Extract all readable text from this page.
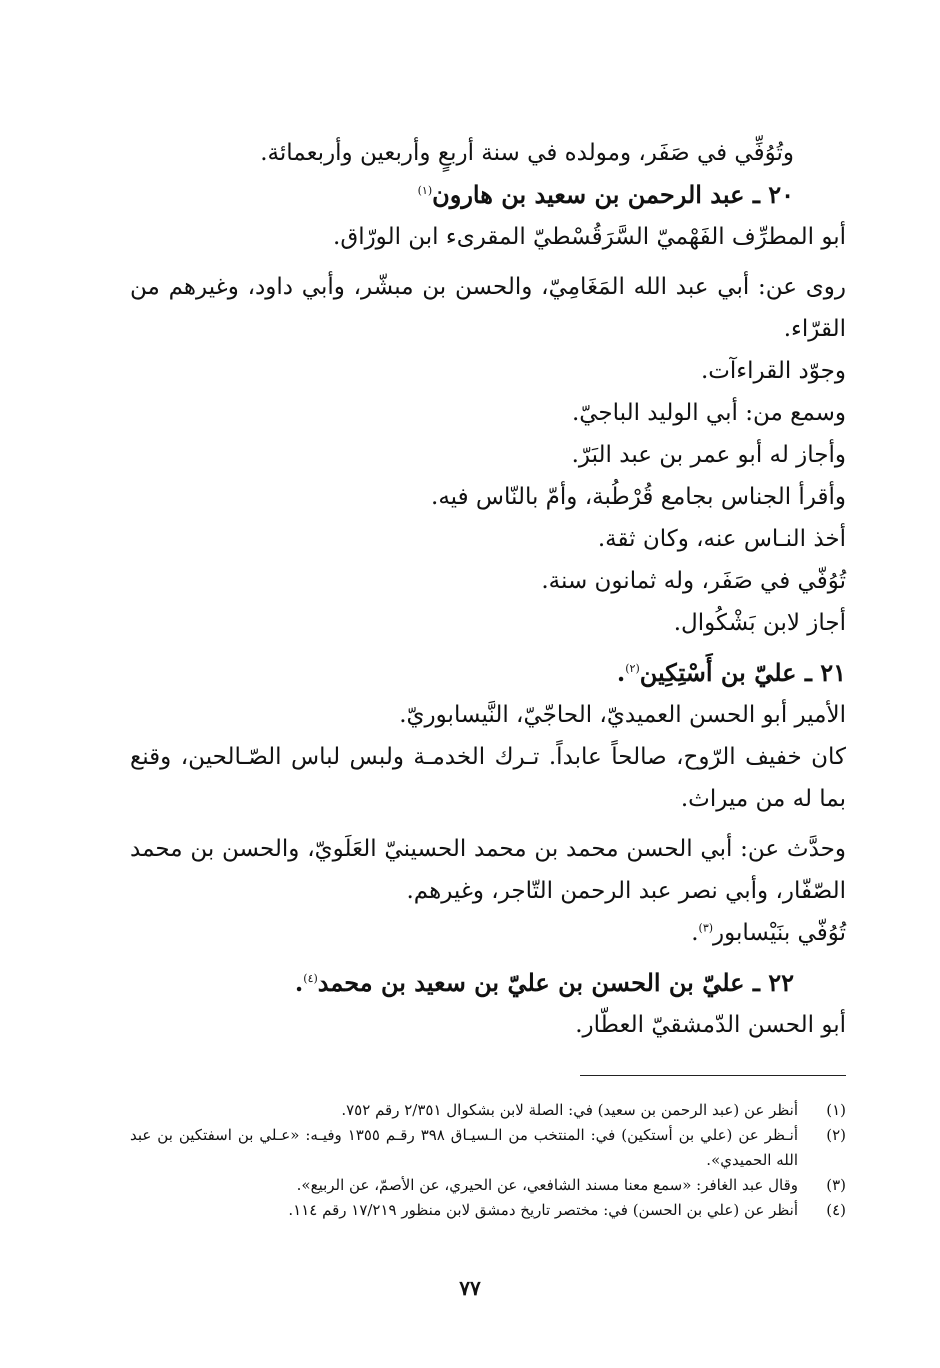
وتُوُفِّي في صَفَر، ومولده في سنة أربعٍ وأربعين وأربعمائة.
٢٠ ـ عبد الرحمن بن سعيد بن هارون$^{(١)}$
أبو المطرِّف الفَهْميّ السَّرَقُسْطيّ المقرىء ابن الورّاق.
روى عن: أبي عبد الله المَغَامِيّ، والحسن بن مبشّر، وأبي داود، وغيرهم من القرّاء.
وجوّد القراءآت.
وسمع من: أبي الوليد الباجيّ.
وأجاز له أبو عمر بن عبد البَرّ.
وأقرأ الجناس بجامع قُرْطُبة، وأمّ بالنّاس فيه.
أخذ النـاس عنه، وكان ثقة.
تُوُفّي في صَفَر، وله ثمانون سنة.
أجاز لابن بَشْكُوال.
٢١ ـ عليّ بن أَسْتِكِين$^{(٢)}$.
الأمير أبو الحسن العميديّ، الحاجّيّ، النَّيسابوريّ.
كان خفيف الرّوح، صالحاً عابداً. تـرك الخدمـة ولبس لباس الصّـالحين، وقنع بما له من ميراث.
وحدَّث عن: أبي الحسن محمد بن محمد الحسينيّ العَلَويّ، والحسن بن محمد الصّفّار، وأبي نصر عبد الرحمن التّاجر، وغيرهم.
تُوُفّي بنَيْسابور$^{(٣)}$.
٢٢ ـ عليّ بن الحسن بن عليّ بن سعيد بن محمد$^{(٤)}$.
أبو الحسن الدّمشقيّ العطّار.
(١)
أنظر عن (عبد الرحمن بن سعيد) في: الصلة لابن بشكوال ٢/٣٥١ رقم ٧٥٢.
(٢)
أنـظر عن (علي بن أستكين) في: المنتخب من الـسيـاق ٣٩٨ رقـم ١٣٥٥ وفيـه: «عـلي بن اسفتكين بن عبد الله الحميدي».
(٣)
وقال عبد الغافر: «سمع معنا مسند الشافعي، عن الحيري، عن الأصمّ، عن الربيع».
(٤)
أنظر عن (علي بن الحسن) في: مختصر تاريخ دمشق لابن منظور ١٧/٢١٩ رقم ١١٤.
٧٧
